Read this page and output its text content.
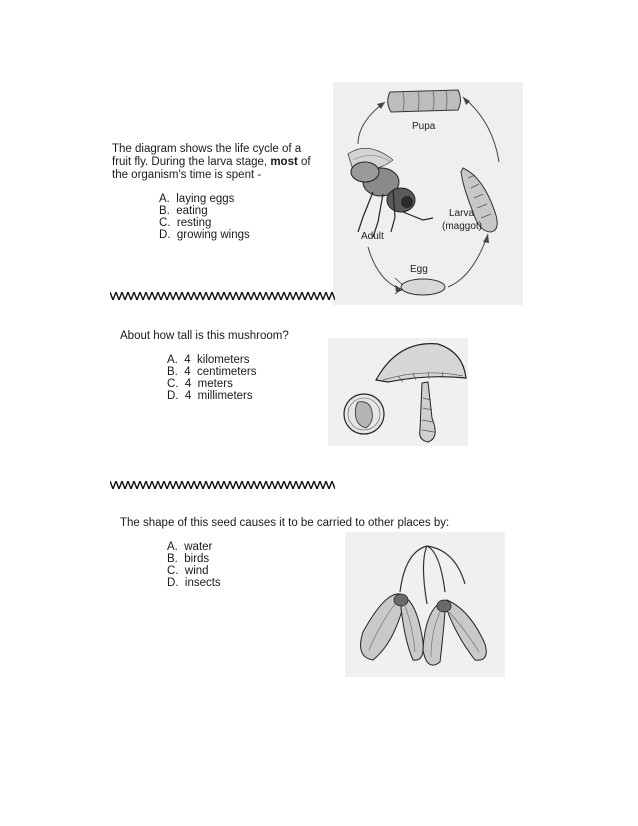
The diagram shows the life cycle of a fruit fly. During the larva stage, most of the organism's time is spent -
A.  laying eggs
B.  eating
C.  resting
D.  growing wings
Pupa
Larva
(maggot)
Adult
Egg
About how tall is this mushroom?
A.  4  kilometers
B.  4  centimeters
C.  4  meters
D.  4  millimeters
The shape of this seed causes it to be carried to other places by:
A.  water
B.  birds
C.  wind
D.  insects
